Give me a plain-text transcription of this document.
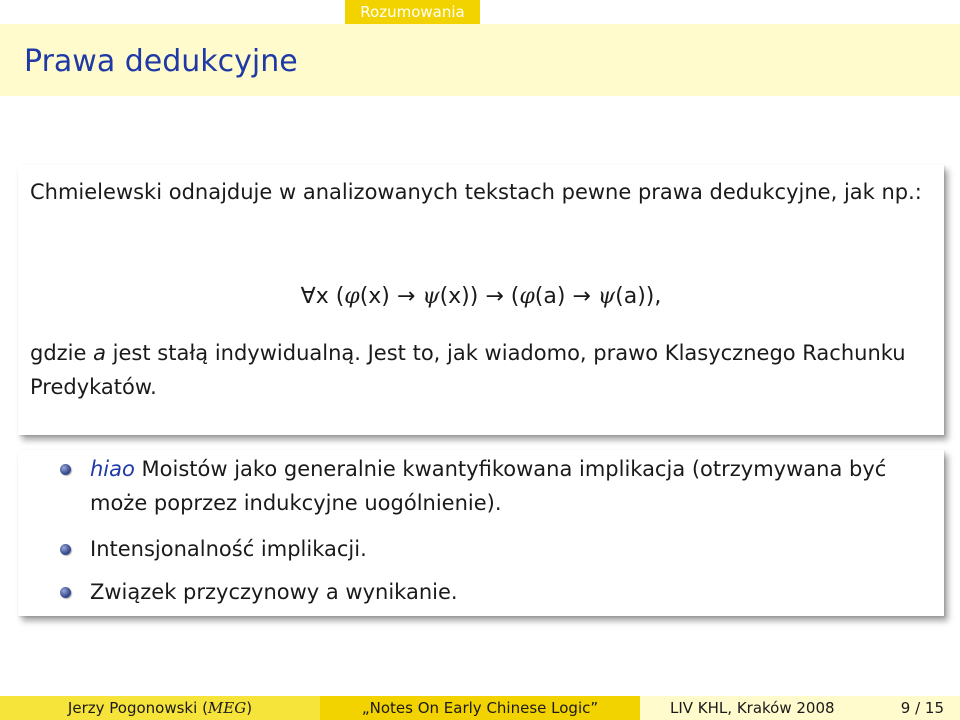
Rozumowania
Prawa dedukcyjne

Chmielewski odnajduje w analizowanych tekstach pewne prawa dedukcyjne, jak np.:

∀x (φ(x) → ψ(x)) → (φ(a) → ψ(a)),

gdzie a jest stałą indywidualną. Jest to, jak wiadomo, prawo Klasycznego Rachunku Predykatów.

hiao Moistów jako generalnie kwantyfikowana implikacja (otrzymywana być może poprzez indukcyjne uogólnienie).
Intensjonalność implikacji.
Związek przyczynowy a wynikanie.
Jerzy Pogonowski (MEG)	„Notes On Early Chinese Logic”	LIV KHL, Kraków 2008	9 / 15
